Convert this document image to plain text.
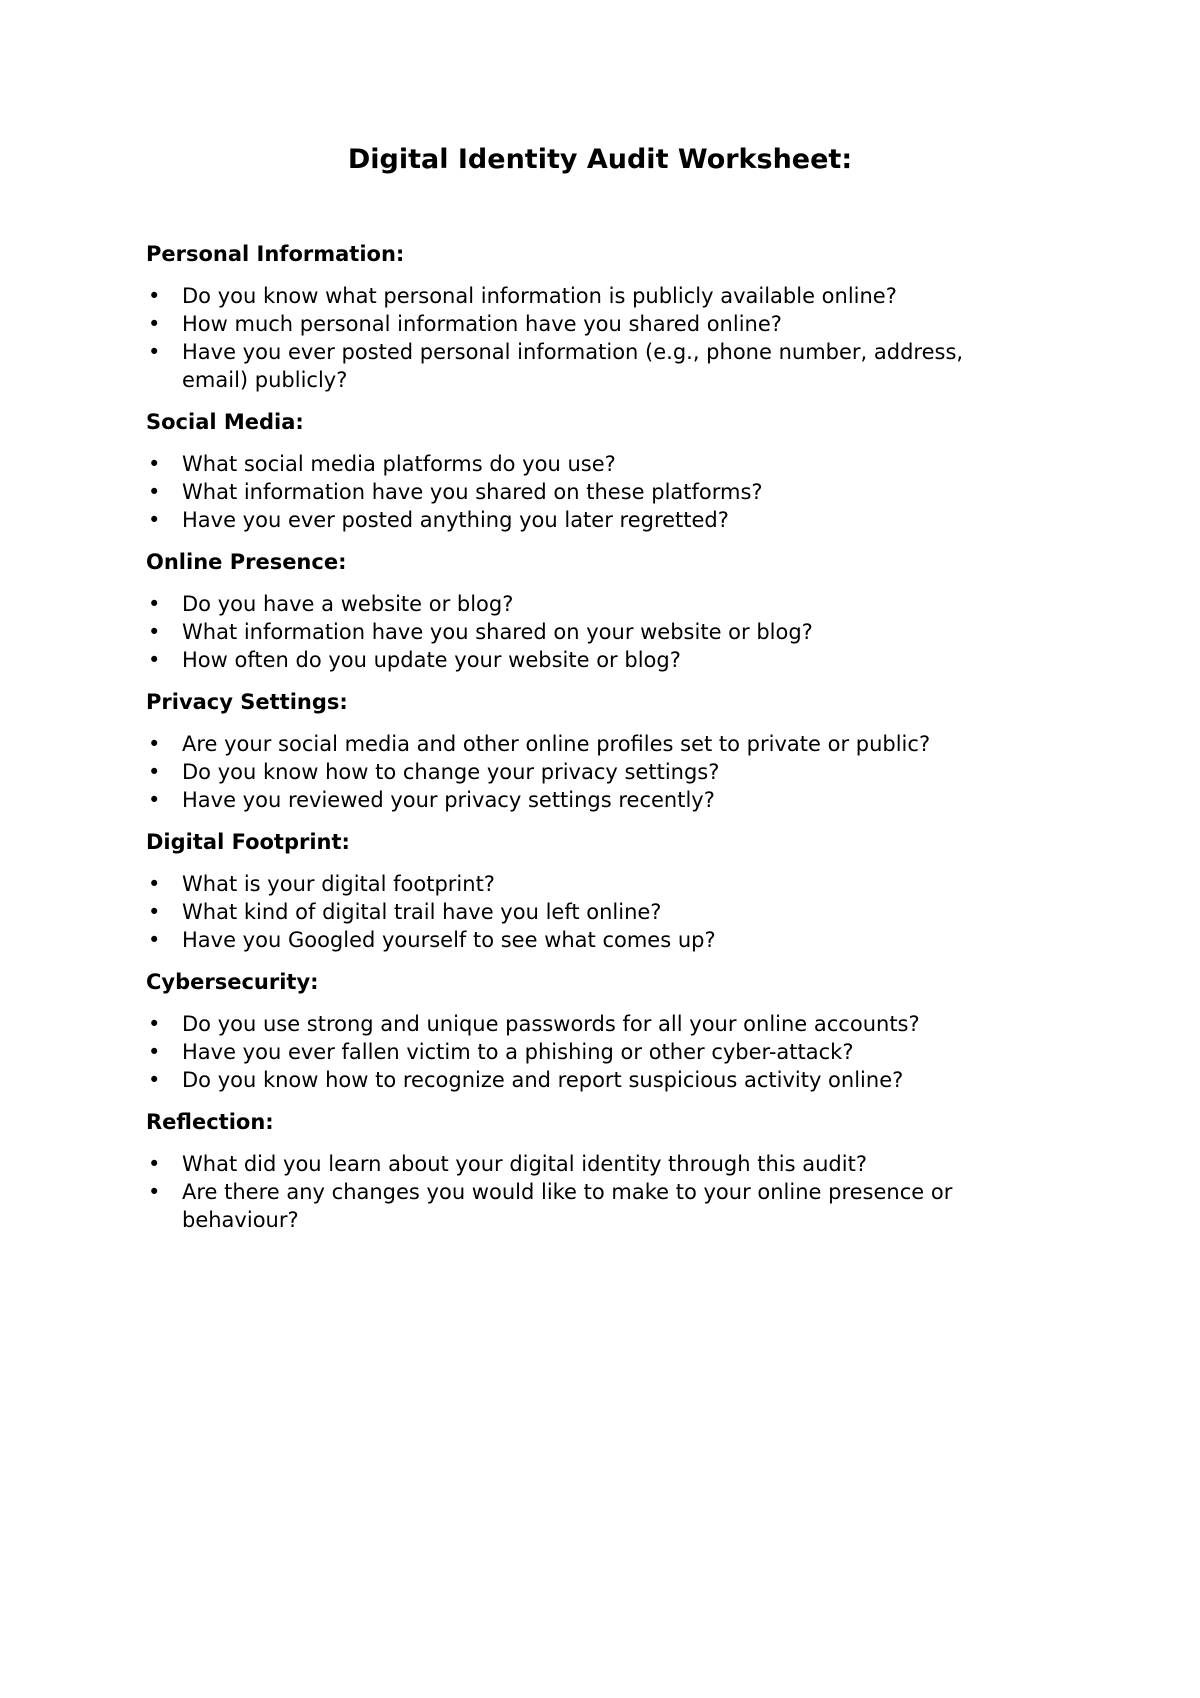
Digital Identity Audit Worksheet:
Personal Information:
•	Do you know what personal information is publicly available online?
•	How much personal information have you shared online?
•	Have you ever posted personal information (e.g., phone number, address, email) publicly?
Social Media:
•	What social media platforms do you use?
•	What information have you shared on these platforms?
•	Have you ever posted anything you later regretted?
Online Presence:
•	Do you have a website or blog?
•	What information have you shared on your website or blog?
•	How often do you update your website or blog?
Privacy Settings:
•	Are your social media and other online profiles set to private or public?
•	Do you know how to change your privacy settings?
•	Have you reviewed your privacy settings recently?
Digital Footprint:
•	What is your digital footprint?
•	What kind of digital trail have you left online?
•	Have you Googled yourself to see what comes up?
Cybersecurity:
•	Do you use strong and unique passwords for all your online accounts?
•	Have you ever fallen victim to a phishing or other cyber-attack?
•	Do you know how to recognize and report suspicious activity online?
Reflection:
•	What did you learn about your digital identity through this audit?
•	Are there any changes you would like to make to your online presence or behaviour?
